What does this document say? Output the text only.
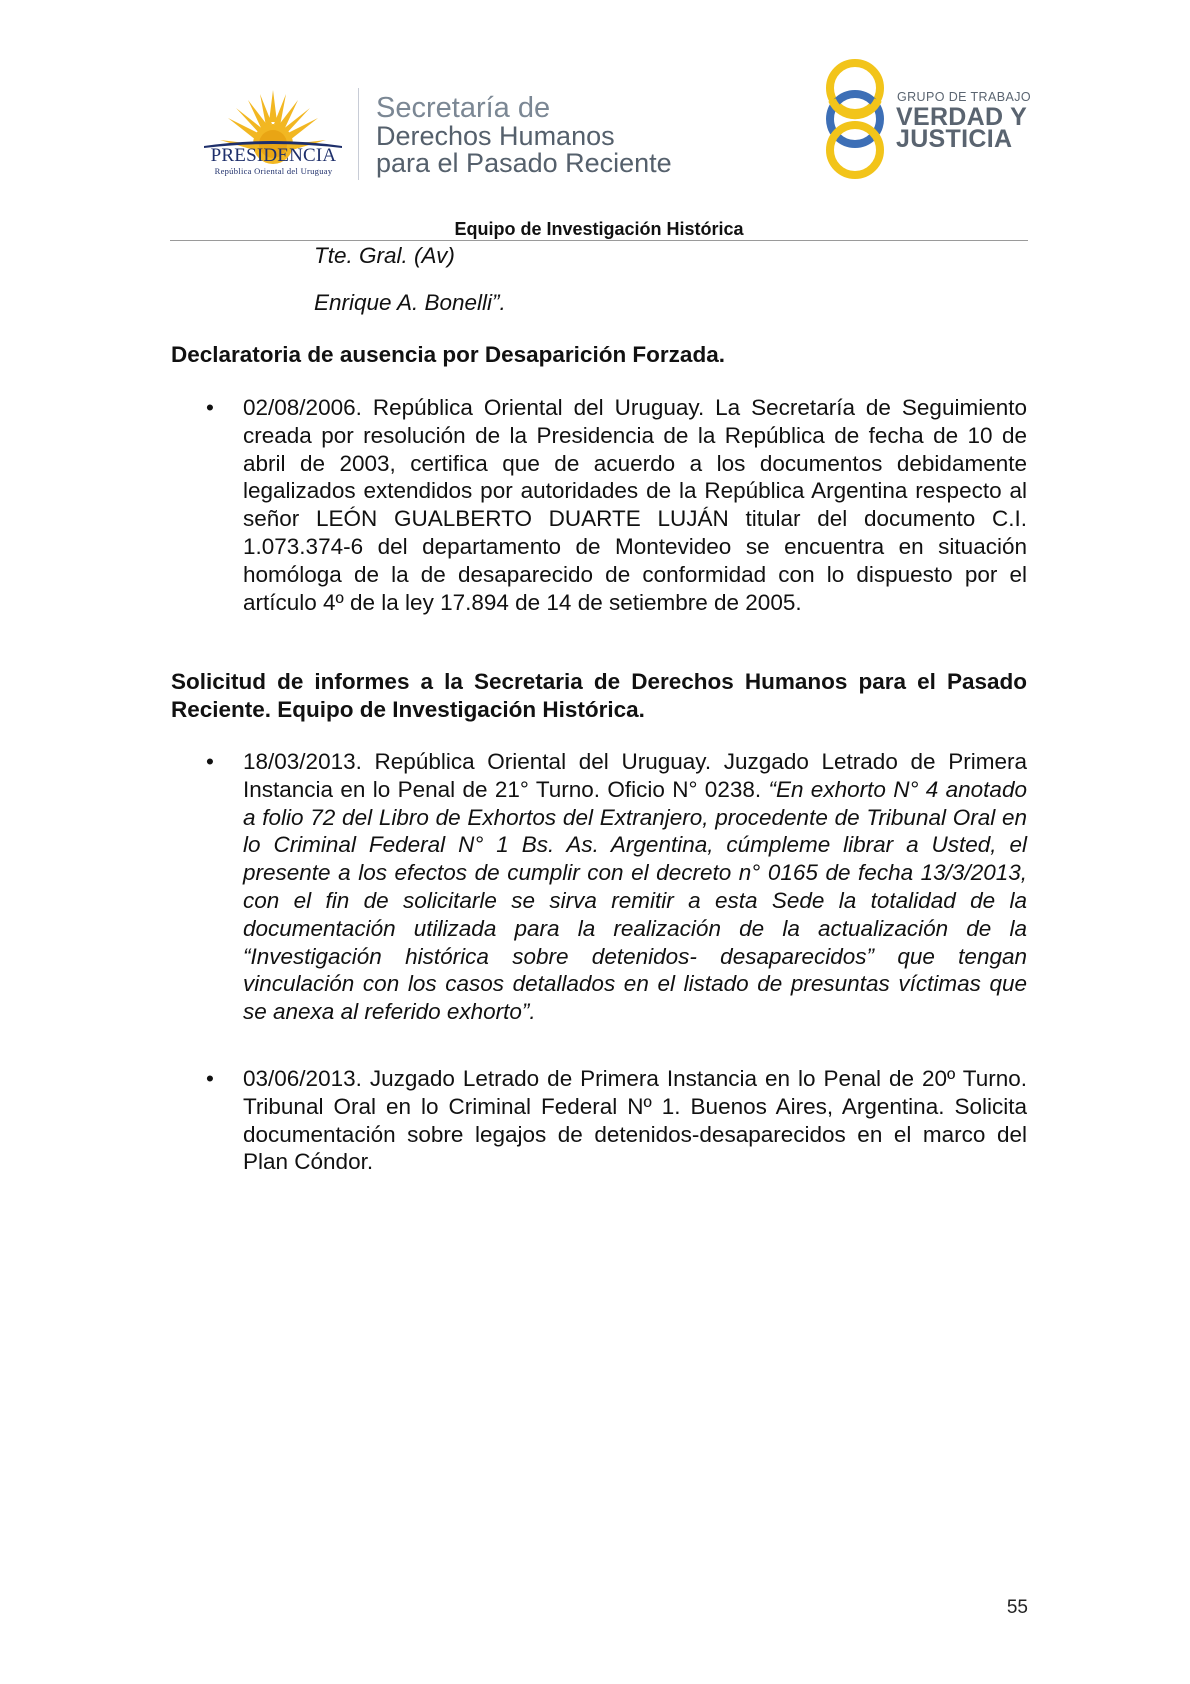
PRESIDENCIA
República Oriental del Uruguay
Secretaría de
Derechos Humanos
para el Pasado Reciente
GRUPO DE TRABAJO
VERDAD Y
JUSTICIA
Equipo de Investigación Histórica
Tte. Gral. (Av)
Enrique A. Bonelli”.
Declaratoria de ausencia por Desaparición Forzada.
• 02/08/2006. República Oriental del Uruguay. La Secretaría de Seguimiento creada por resolución de la Presidencia de la República de fecha de 10 de abril de 2003, certifica que de acuerdo a los documentos debidamente legalizados extendidos por autoridades de la República Argentina respecto al señor LEÓN GUALBERTO DUARTE LUJÁN titular del documento C.I. 1.073.374-6 del departamento de Montevideo se encuentra en situación homóloga de la de desaparecido de conformidad con lo dispuesto por el artículo 4º de la ley 17.894 de 14 de setiembre de 2005.
Solicitud de informes a la Secretaria de Derechos Humanos para el Pasado Reciente. Equipo de Investigación Histórica.
• 18/03/2013. República Oriental del Uruguay. Juzgado Letrado de Primera Instancia en lo Penal de 21° Turno. Oficio N° 0238. “En exhorto N° 4 anotado a folio 72 del Libro de Exhortos del Extranjero, procedente de Tribunal Oral en lo Criminal Federal N° 1 Bs. As. Argentina, cúmpleme librar a Usted, el presente a los efectos de cumplir con el decreto n° 0165 de fecha 13/3/2013, con el fin de solicitarle se sirva remitir a esta Sede la totalidad de la documentación utilizada para la realización de la actualización de la “Investigación histórica sobre detenidos- desaparecidos” que tengan vinculación con los casos detallados en el listado de presuntas víctimas que se anexa al referido exhorto”.
• 03/06/2013. Juzgado Letrado de Primera Instancia en lo Penal de 20º Turno. Tribunal Oral en lo Criminal Federal Nº 1. Buenos Aires, Argentina. Solicita documentación sobre legajos de detenidos-desaparecidos en el marco del Plan Cóndor.
55
